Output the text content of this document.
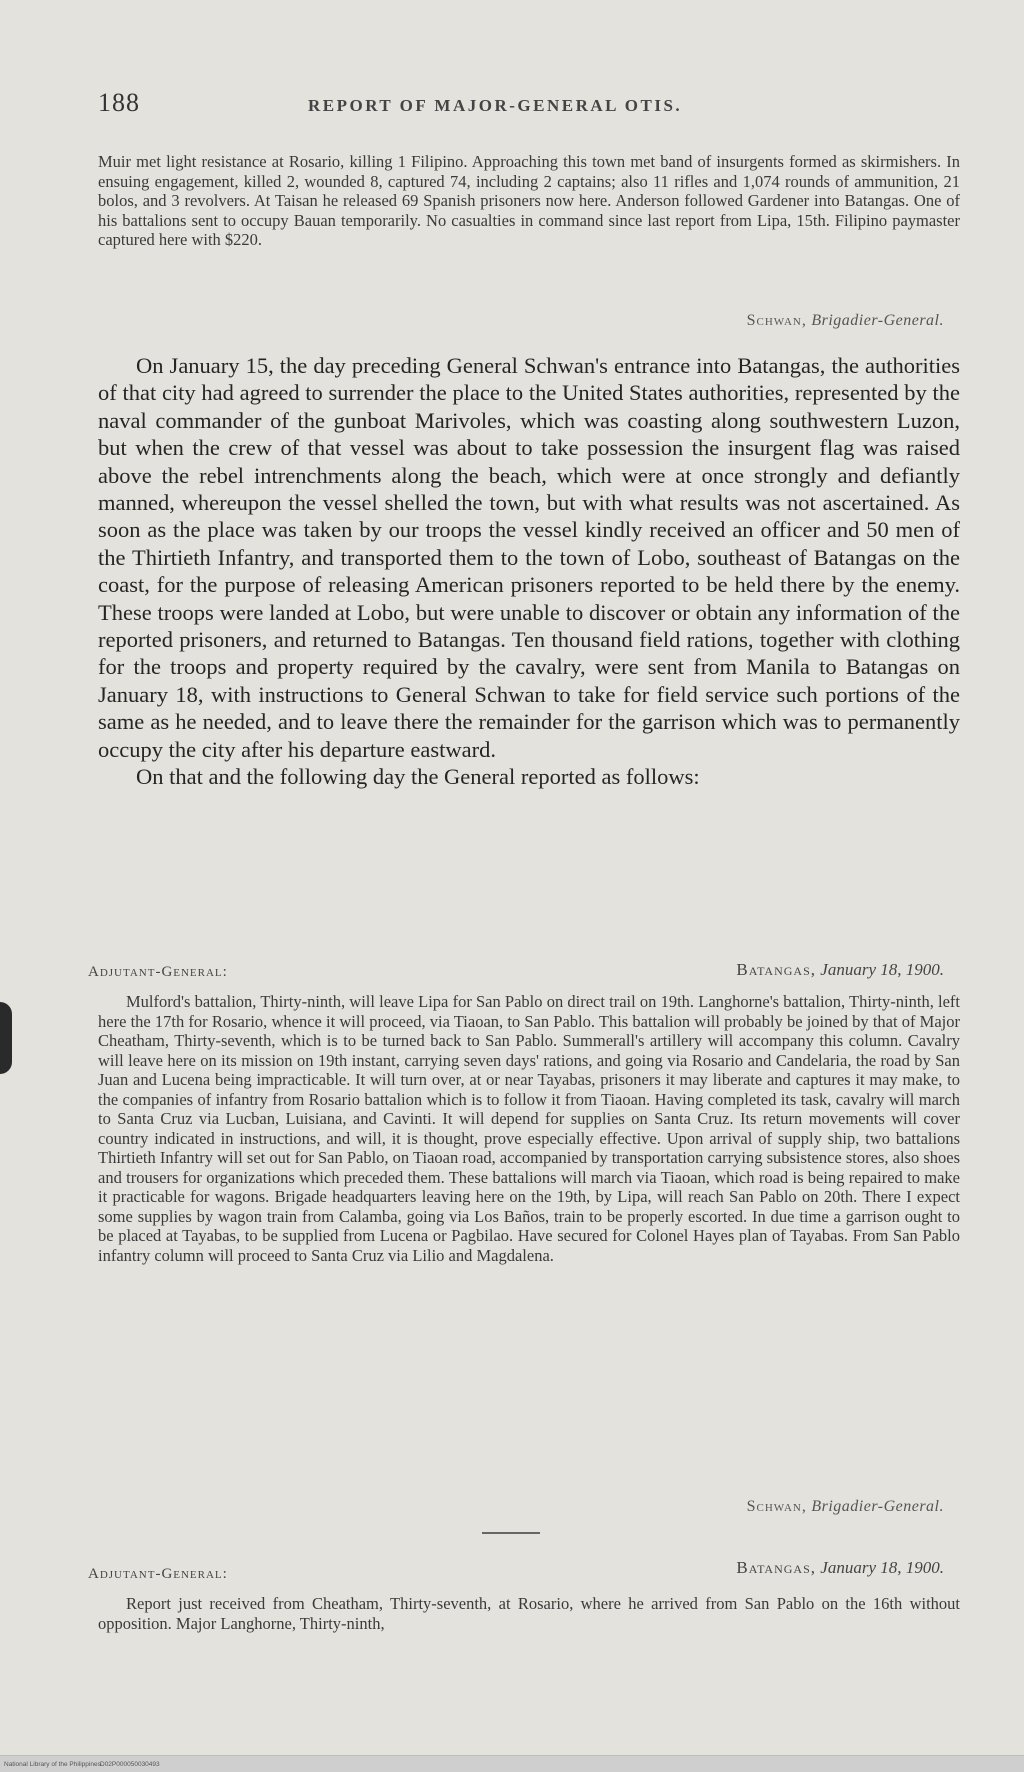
188	REPORT OF MAJOR-GENERAL OTIS.

Muir met light resistance at Rosario, killing 1 Filipino. Approaching this town met band of insurgents formed as skirmishers. In ensuing engagement, killed 2, wounded 8, captured 74, including 2 captains; also 11 rifles and 1,074 rounds of ammunition, 21 bolos, and 3 revolvers. At Taisan he released 69 Spanish prisoners now here. Anderson followed Gardener into Batangas. One of his battalions sent to occupy Bauan temporarily. No casualties in command since last report from Lipa, 15th. Filipino paymaster captured here with $220.

Schwan, Brigadier-General.

On January 15, the day preceding General Schwan's entrance into Batangas, the authorities of that city had agreed to surrender the place to the United States authorities, represented by the naval commander of the gunboat Marivoles, which was coasting along southwestern Luzon, but when the crew of that vessel was about to take possession the insurgent flag was raised above the rebel intrenchments along the beach, which were at once strongly and defiantly manned, whereupon the vessel shelled the town, but with what results was not ascertained. As soon as the place was taken by our troops the vessel kindly received an officer and 50 men of the Thirtieth Infantry, and transported them to the town of Lobo, southeast of Batangas on the coast, for the purpose of releasing American prisoners reported to be held there by the enemy. These troops were landed at Lobo, but were unable to discover or obtain any information of the reported prisoners, and returned to Batangas. Ten thousand field rations, together with clothing for the troops and property required by the cavalry, were sent from Manila to Batangas on January 18, with instructions to General Schwan to take for field service such portions of the same as he needed, and to leave there the remainder for the garrison which was to permanently occupy the city after his departure eastward.

On that and the following day the General reported as follows:

Batangas, January 18, 1900.
Adjutant-General:

Mulford's battalion, Thirty-ninth, will leave Lipa for San Pablo on direct trail on 19th. Langhorne's battalion, Thirty-ninth, left here the 17th for Rosario, whence it will proceed, via Tiaoan, to San Pablo. This battalion will probably be joined by that of Major Cheatham, Thirty-seventh, which is to be turned back to San Pablo. Summerall's artillery will accompany this column. Cavalry will leave here on its mission on 19th instant, carrying seven days' rations, and going via Rosario and Candelaria, the road by San Juan and Lucena being impracticable. It will turn over, at or near Tayabas, prisoners it may liberate and captures it may make, to the companies of infantry from Rosario battalion which is to follow it from Tiaoan. Having completed its task, cavalry will march to Santa Cruz via Lucban, Luisiana, and Cavinti. It will depend for supplies on Santa Cruz. Its return movements will cover country indicated in instructions, and will, it is thought, prove especially effective. Upon arrival of supply ship, two battalions Thirtieth Infantry will set out for San Pablo, on Tiaoan road, accompanied by transportation carrying subsistence stores, also shoes and trousers for organizations which preceded them. These battalions will march via Tiaoan, which road is being repaired to make it practicable for wagons. Brigade headquarters leaving here on the 19th, by Lipa, will reach San Pablo on 20th. There I expect some supplies by wagon train from Calamba, going via Los Baños, train to be properly escorted. In due time a garrison ought to be placed at Tayabas, to be supplied from Lucena or Pagbilao. Have secured for Colonel Hayes plan of Tayabas. From San Pablo infantry column will proceed to Santa Cruz via Lilio and Magdalena.

Schwan, Brigadier-General.
Batangas, January 18, 1900.
Adjutant-General:

Report just received from Cheatham, Thirty-seventh, at Rosario, where he arrived from San Pablo on the 16th without opposition. Major Langhorne, Thirty-ninth,

National Library of the Philippines D02P000050030493
